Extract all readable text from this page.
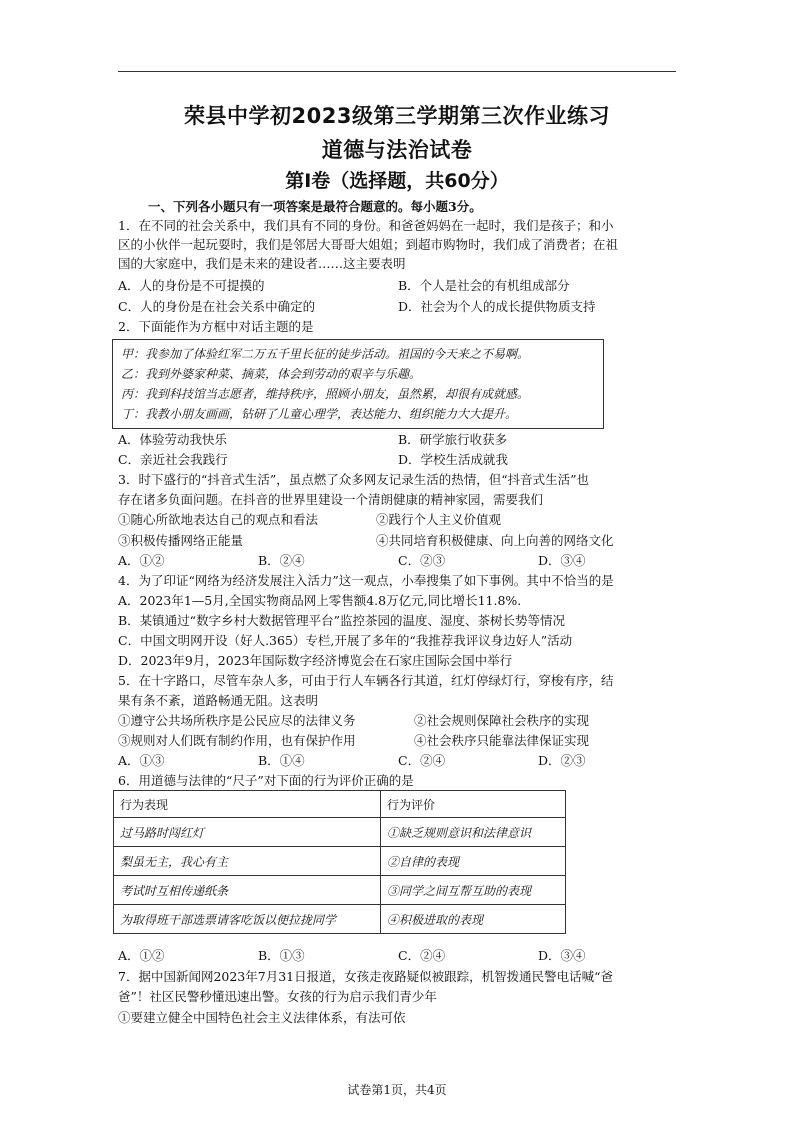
荣县中学初2023级第三学期第三次作业练习
道德与法治试卷
第Ⅰ卷（选择题，共60分）
一、下列各小题只有一项答案是最符合题意的。每小题3分。
1．在不同的社会关系中，我们具有不同的身份。和爸爸妈妈在一起时，我们是孩子；和小
区的小伙伴一起玩耍时，我们是邻居大哥哥大姐姐；到超市购物时，我们成了消费者；在祖
国的大家庭中，我们是未来的建设者……这主要表明
A．人的身份是不可提摸的	B．个人是社会的有机组成部分
C．人的身份是在社会关系中确定的	D．社会为个人的成长提供物质支持
2．下面能作为方框中对话主题的是
甲：我参加了体验红军二万五千里长征的徒步活动。祖国的今天来之不易啊。
乙：我到外婆家种菜、摘菜，体会到劳动的艰辛与乐趣。
丙：我到科技馆当志愿者，维持秩序，照顾小朋友，虽然累，却很有成就感。
丁：我教小朋友画画，钻研了儿童心理学，表达能力、组织能力大大提升。
A．体验劳动我快乐	B．研学旅行收获多
C．亲近社会我践行	D．学校生活成就我
3．时下盛行的“抖音式生活”，虽点燃了众多网友记录生活的热情，但“抖音式生活”也
存在诸多负面问题。在抖音的世界里建设一个清朗健康的精神家园，需要我们
①随心所欲地表达自己的观点和看法	②践行个人主义价值观
③积极传播网络正能量	④共同培育积极健康、向上向善的网络文化
A．①②	B．②④	C．②③	D．③④
4．为了印证“网络为经济发展注入活力”这一观点，小奉搜集了如下事例。其中不恰当的是
A．2023年1—5月,全国实物商品网上零售额4.8万亿元,同比增长11.8%.
B．某镇通过“数字乡村大数据管理平台”监控茶园的温度、湿度、茶树长势等情况
C．中国文明网开设（好人.365）专栏,开展了多年的“我推荐我评议身边好人”活动
D．2023年9月，2023年国际数字经济博览会在石家庄国际会国中举行
5．在十字路口，尽管车杂人多，可由于行人车辆各行其道，红灯停绿灯行，穿梭有序，结
果有条不紊，道路畅通无阻。这表明
①遵守公共场所秩序是公民应尽的法律义务	②社会规则保障社会秩序的实现
③规则对人们既有制约作用，也有保护作用	④社会秩序只能靠法律保证实现
A．①③	B．①④	C．②④	D．②③
6．用道德与法律的“尺子”对下面的行为评价正确的是
行为表现	行为评价
过马路时闯红灯	①缺乏规则意识和法律意识
梨虽无主，我心有主	②自律的表现
考试时互相传递纸条	③同学之间互帮互助的表现
为取得班干部选票请客吃饭以便拉拢同学	④积极进取的表现
A．①②	B．①③	C．②④	D．③④
7．据中国新闻网2023年7月31日报道，女孩走夜路疑似被跟踪，机智拨通民警电话喊“爸
爸”！社区民警秒懂迅速出警。女孩的行为启示我们青少年
①要建立健全中国特色社会主义法律体系，有法可依
试卷第1页，共4页
